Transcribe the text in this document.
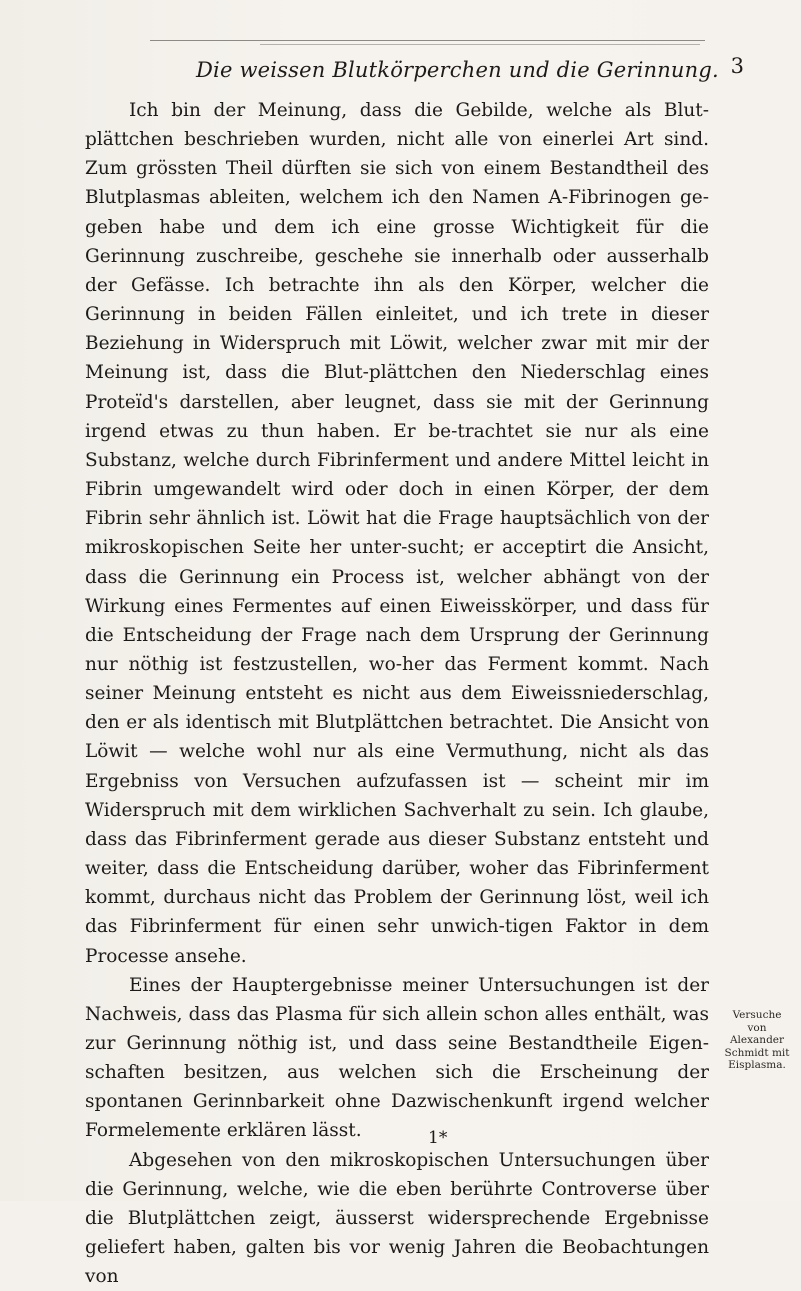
Die weissen Blutkörperchen und die Gerinnung. 3

Ich bin der Meinung, dass die Gebilde, welche als Blut-plättchen beschrieben wurden, nicht alle von einerlei Art sind. Zum grössten Theil dürften sie sich von einem Bestandtheil des Blutplasmas ableiten, welchem ich den Namen A-Fibrinogen ge-geben habe und dem ich eine grosse Wichtigkeit für die Gerinnung zuschreibe, geschehe sie innerhalb oder ausserhalb der Gefässe. Ich betrachte ihn als den Körper, welcher die Gerinnung in beiden Fällen einleitet, und ich trete in dieser Beziehung in Widerspruch mit Löwit, welcher zwar mit mir der Meinung ist, dass die Blut-plättchen den Niederschlag eines Proteïd's darstellen, aber leugnet, dass sie mit der Gerinnung irgend etwas zu thun haben. Er be-trachtet sie nur als eine Substanz, welche durch Fibrinferment und andere Mittel leicht in Fibrin umgewandelt wird oder doch in einen Körper, der dem Fibrin sehr ähnlich ist. Löwit hat die Frage hauptsächlich von der mikroskopischen Seite her unter-sucht; er acceptirt die Ansicht, dass die Gerinnung ein Process ist, welcher abhängt von der Wirkung eines Fermentes auf einen Eiweisskörper, und dass für die Entscheidung der Frage nach dem Ursprung der Gerinnung nur nöthig ist festzustellen, wo-her das Ferment kommt. Nach seiner Meinung entsteht es nicht aus dem Eiweissniederschlag, den er als identisch mit Blutplättchen betrachtet. Die Ansicht von Löwit — welche wohl nur als eine Vermuthung, nicht als das Ergebniss von Versuchen aufzufassen ist — scheint mir im Widerspruch mit dem wirklichen Sachverhalt zu sein. Ich glaube, dass das Fibrinferment gerade aus dieser Substanz entsteht und weiter, dass die Entscheidung darüber, woher das Fibrinferment kommt, durchaus nicht das Problem der Gerinnung löst, weil ich das Fibrinferment für einen sehr unwich-tigen Faktor in dem Processe ansehe.

Eines der Hauptergebnisse meiner Untersuchungen ist der Nachweis, dass das Plasma für sich allein schon alles enthält, was zur Gerinnung nöthig ist, und dass seine Bestandtheile Eigen-schaften besitzen, aus welchen sich die Erscheinung der spontanen Gerinnbarkeit ohne Dazwischenkunft irgend welcher Formelemente erklären lässt.

Abgesehen von den mikroskopischen Untersuchungen über die Gerinnung, welche, wie die eben berührte Controverse über die Blutplättchen zeigt, äusserst widersprechende Ergebnisse geliefert haben, galten bis vor wenig Jahren die Beobachtungen von

Versuche
von
Alexander
Schmidt mit
Eisplasma.
1*
